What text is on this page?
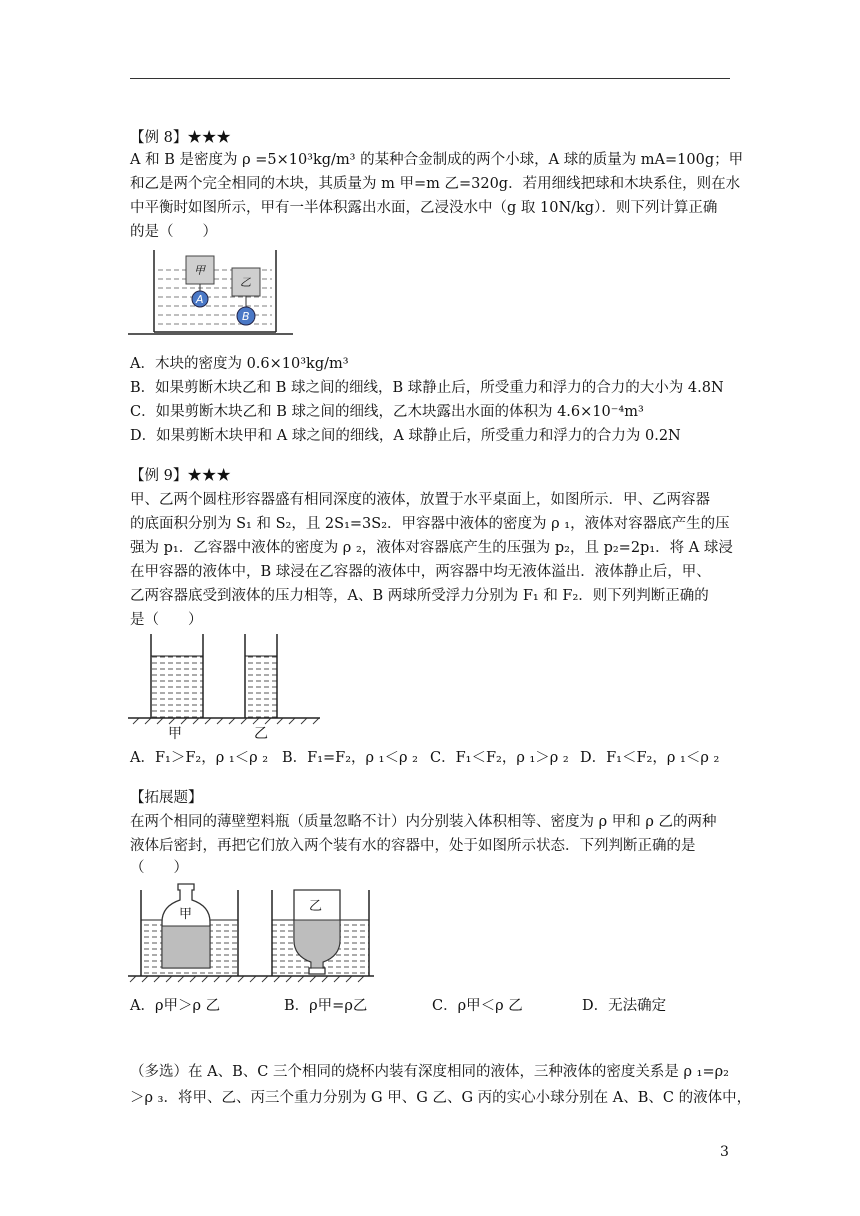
【例 8】★★★
A 和 B 是密度为 ρ =5×10³kg/m³ 的某种合金制成的两个小球，A 球的质量为 mA=100g；甲
和乙是两个完全相同的木块，其质量为 m 甲=m 乙=320g．若用细线把球和木块系住，则在水
中平衡时如图所示，甲有一半体积露出水面，乙浸没水中（g 取 10N/kg）．则下列计算正确
的是（　　）
甲
乙
A
B
A．木块的密度为 0.6×10³kg/m³
B．如果剪断木块乙和 B 球之间的细线，B 球静止后，所受重力和浮力的合力的大小为 4.8N
C．如果剪断木块乙和 B 球之间的细线，乙木块露出水面的体积为 4.6×10⁻⁴m³
D．如果剪断木块甲和 A 球之间的细线，A 球静止后，所受重力和浮力的合力为 0.2N
【例 9】★★★
甲、乙两个圆柱形容器盛有相同深度的液体，放置于水平桌面上，如图所示．甲、乙两容器
的底面积分别为 S₁ 和 S₂，且 2S₁=3S₂．甲容器中液体的密度为 ρ ₁，液体对容器底产生的压
强为 p₁．乙容器中液体的密度为 ρ ₂，液体对容器底产生的压强为 p₂，且 p₂=2p₁．将 A 球浸
在甲容器的液体中，B 球浸在乙容器的液体中，两容器中均无液体溢出．液体静止后，甲、
乙两容器底受到液体的压力相等，A、B 两球所受浮力分别为 F₁ 和 F₂．则下列判断正确的
是（　　）
甲	乙
A．F₁＞F₂，ρ ₁＜ρ ₂ B．F₁=F₂，ρ ₁＜ρ ₂ C．F₁＜F₂，ρ ₁＞ρ ₂ D．F₁＜F₂，ρ ₁＜ρ ₂
【拓展题】
在两个相同的薄壁塑料瓶（质量忽略不计）内分别装入体积相等、密度为 ρ 甲和 ρ 乙的两种
液体后密封，再把它们放入两个装有水的容器中，处于如图所示状态．下列判断正确的是
（　　）
甲
乙
A．ρ甲＞ρ 乙	B．ρ甲=ρ乙	C．ρ甲＜ρ 乙	D．无法确定
（多选）在 A、B、C 三个相同的烧杯内装有深度相同的液体，三种液体的密度关系是 ρ ₁=ρ₂
＞ρ ₃．将甲、乙、丙三个重力分别为 G 甲、G 乙、G 丙的实心小球分别在 A、B、C 的液体中，
3
